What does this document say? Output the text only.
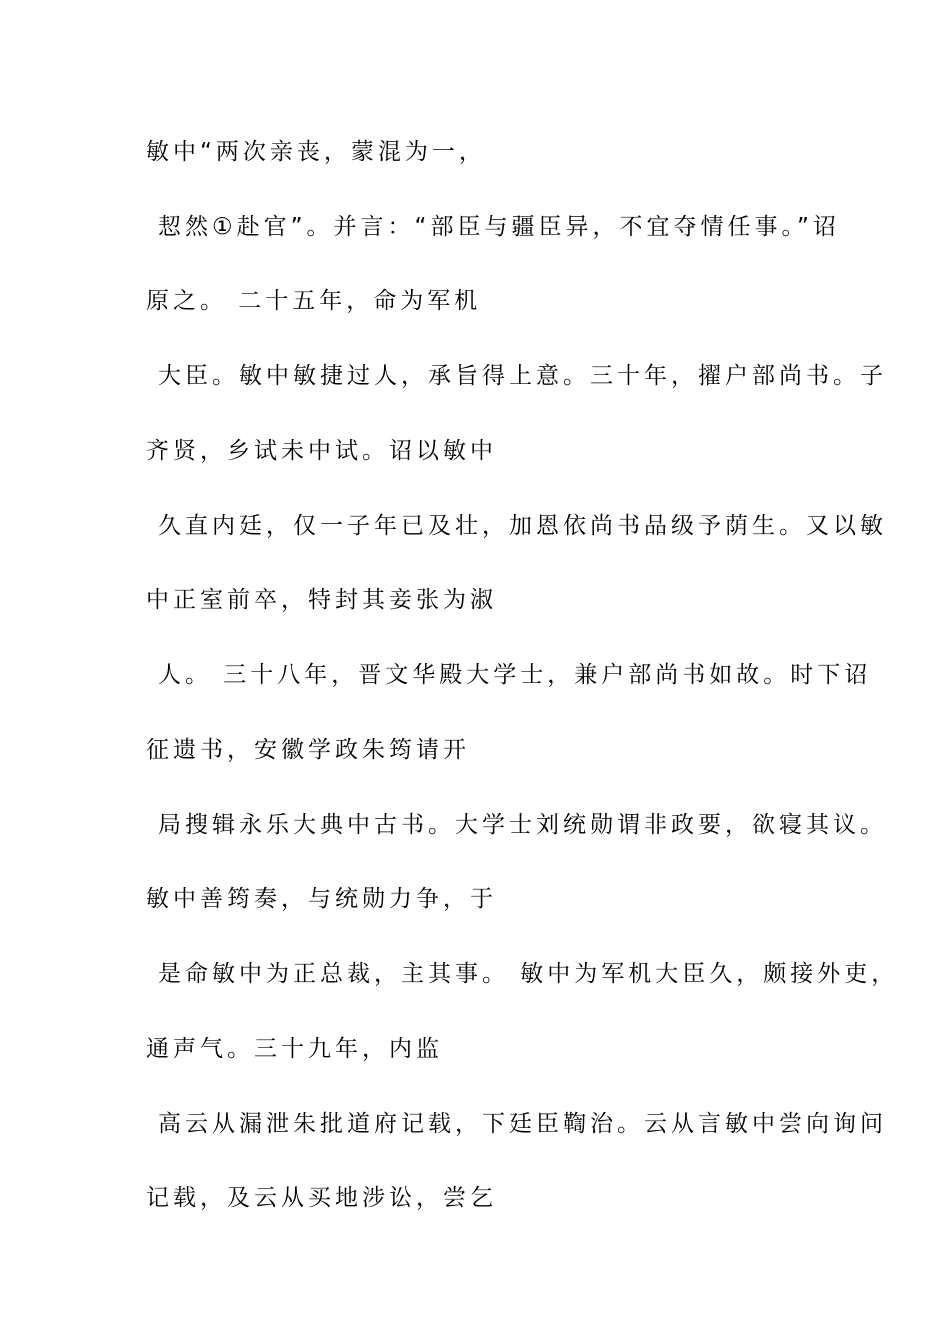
敏中“两次亲丧，蒙混为一，
恝然①赴官”。并言：“部臣与疆臣异，不宜夺情任事。”诏
原之。 二十五年，命为军机
大臣。敏中敏捷过人，承旨得上意。三十年，擢户部尚书。子
齐贤，乡试未中试。诏以敏中
久直内廷，仅一子年已及壮，加恩依尚书品级予荫生。又以敏
中正室前卒，特封其妾张为淑
人。 三十八年，晋文华殿大学士，兼户部尚书如故。时下诏
征遗书，安徽学政朱筠请开
局搜辑永乐大典中古书。大学士刘统勋谓非政要，欲寝其议。
敏中善筠奏，与统勋力争，于
是命敏中为正总裁，主其事。 敏中为军机大臣久，颇接外吏，
通声气。三十九年，内监
高云从漏泄朱批道府记载，下廷臣鞫治。云从言敏中尝向询问
记载，及云从买地涉讼，尝乞
